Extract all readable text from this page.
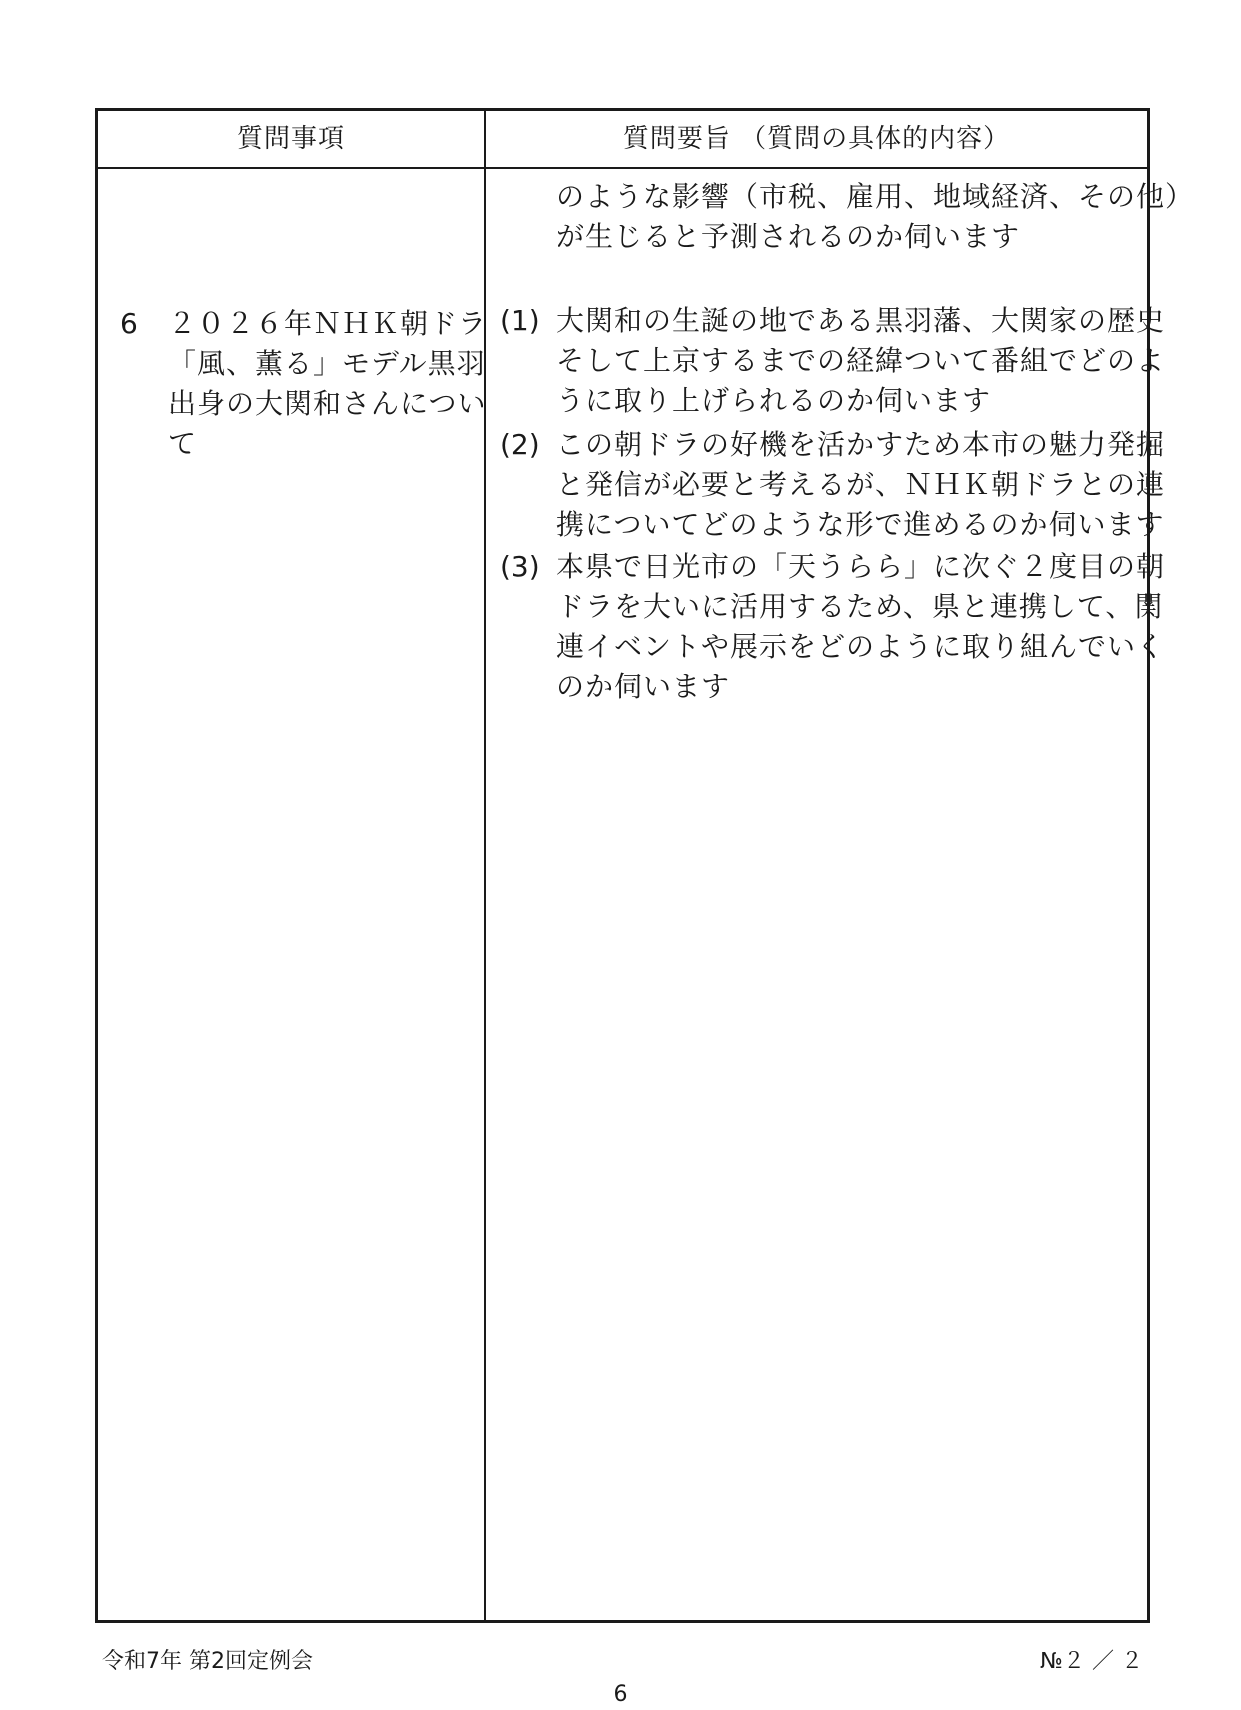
質問事項	質問要旨 （質問の具体的内容）
6 ２０２６年ＮＨＫ朝ドラ
「風、薫る」モデル黒羽
出身の大関和さんについ
て
のような影響（市税、雇用、地域経済、その他）
が生じると予測されるのか伺います
(1) 大関和の生誕の地である黒羽藩、大関家の歴史
そして上京するまでの経緯ついて番組でどのよ
うに取り上げられるのか伺います
(2) この朝ドラの好機を活かすため本市の魅力発掘
と発信が必要と考えるが、ＮＨＫ朝ドラとの連
携についてどのような形で進めるのか伺います
(3) 本県で日光市の「天うらら」に次ぐ２度目の朝
ドラを大いに活用するため、県と連携して、関
連イベントや展示をどのように取り組んでいく
のか伺います
令和7年 第2回定例会	№２ ／ ２
6
